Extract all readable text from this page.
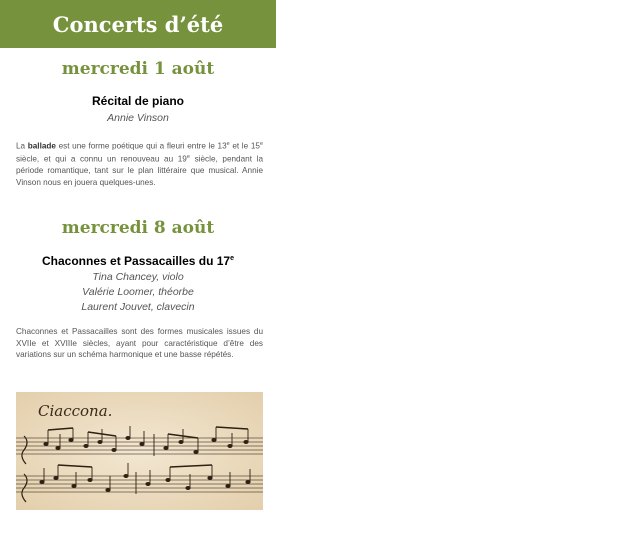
Concerts d’été
mercredi 1 août
Récital de piano
Annie Vinson
La ballade est une forme poétique qui a fleuri entre le 13e et le 15e siècle, et qui a connu un renouveau au 19e siècle, pendant la période romantique, tant sur le plan littéraire que musical. Annie Vinson nous en jouera quelques-unes.
mercredi 8 août
Chaconnes et Passacailles du 17e
Tina Chancey, violo
Valérie Loomer, théorbe
Laurent Jouvet, clavecin
Chaconnes et Passacailles sont des formes musicales issues du XVIIe et XVIIIe siècles, ayant pour caractéristique d’être des variations sur un schéma harmonique et une basse répétés.
Ciaccona.
